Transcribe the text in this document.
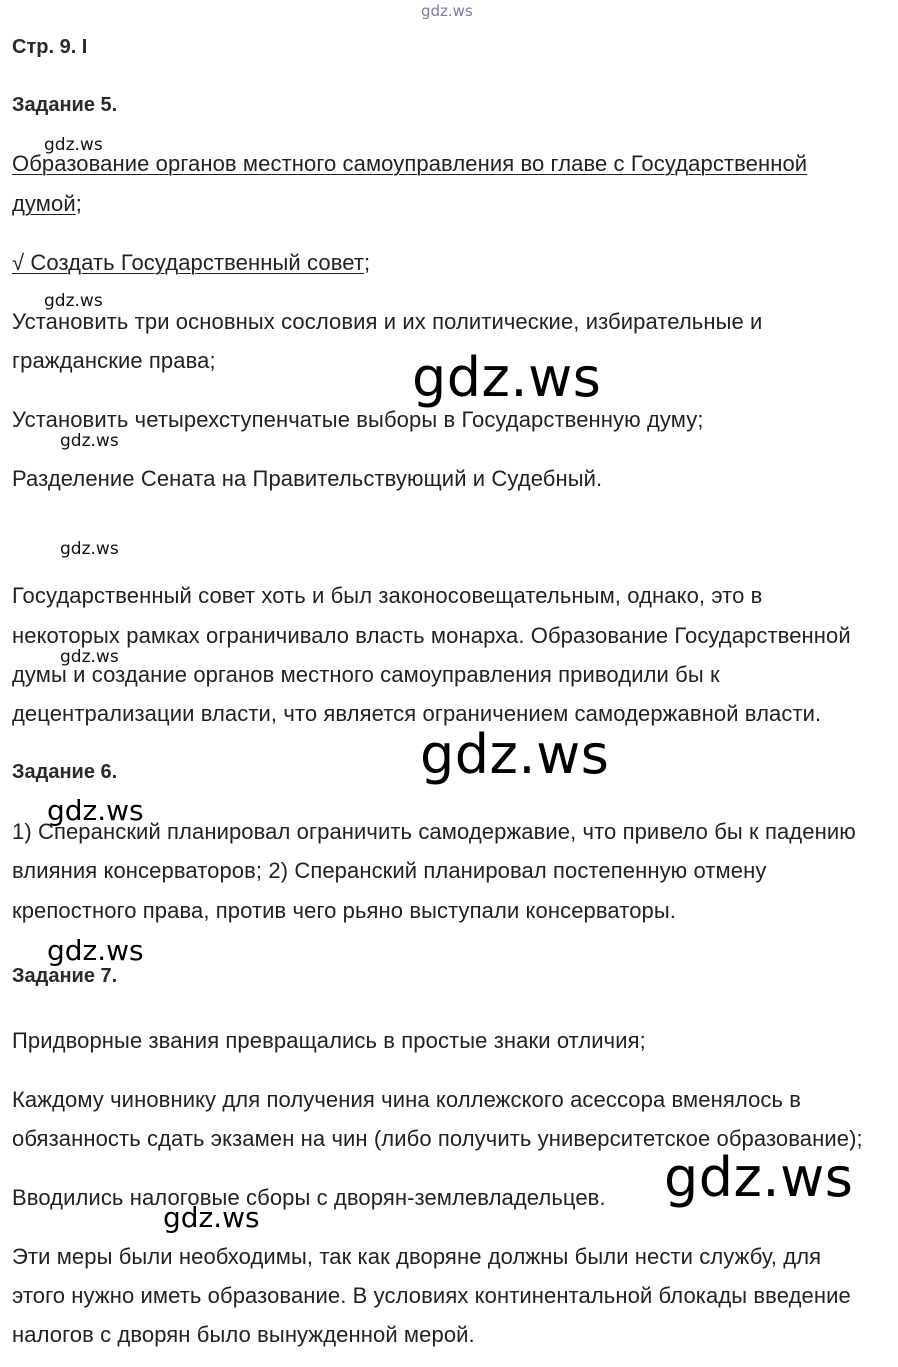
gdz.ws
Стр. 9. І
Задание 5.
gdz.ws
Образование органов местного самоуправления во главе с Государственной
думой;
√ Создать Государственный совет;
gdz.ws
Установить три основных сословия и их политические, избирательные и
гражданские права;	gdz.ws
Установить четырехступенчатые выборы в Государственную думу;
gdz.ws
Разделение Сената на Правительствующий и Судебный.
gdz.ws
Государственный совет хоть и был законосовещательным, однако, это в
некоторых рамках ограничивало власть монарха. Образование Государственной
gdz.ws
думы и создание органов местного самоуправления приводили бы к
децентрализации власти, что является ограничением самодержавной власти.
gdz.ws
Задание 6.
gdz.ws
1) Сперанский планировал ограничить самодержавие, что привело бы к падению
влияния консерваторов; 2) Сперанский планировал постепенную отмену
крепостного права, против чего рьяно выступали консерваторы.
gdz.ws
Задание 7.
Придворные звания превращались в простые знаки отличия;
Каждому чиновнику для получения чина коллежского асессора вменялось в
обязанность сдать экзамен на чин (либо получить университетское образование);
gdz.ws
Вводились налоговые сборы с дворян-землевладельцев.
gdz.ws
Эти меры были необходимы, так как дворяне должны были нести службу, для
этого нужно иметь образование. В условиях континентальной блокады введение
налогов с дворян было вынужденной мерой.
